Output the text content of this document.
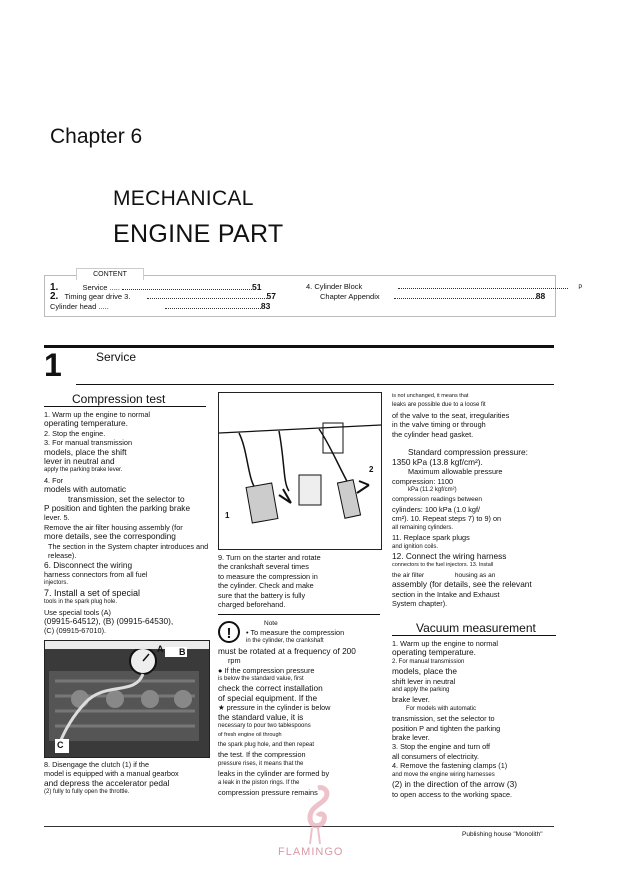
Chapter 6
MECHANICAL
ENGINE PART
CONTENT
1.	Service .....	51
2. Timing gear drive 3.	57
Cylinder head .....	83
4. Cylinder Block	P
Chapter Appendix	88
1	Service
Compression test

1. Warm up the engine to normal

operating temperature.

2. Stop the engine.

3. For manual transmission

models, place the shift

lever in neutral and

apply the parking brake lever.

4. For

models with automatic

transmission, set the selector to

P position and tighten the parking brake

lever. 5.

Remove the air filter housing assembly (for

more details, see the corresponding

The section in the System chapter introduces and

release).

6. Disconnect the wiring

harness connectors from all fuel

injectors.

7. Install a set of special

tools in the spark plug hole.

Use special tools (A)

(09915-64512), (B) (09915-64530),

(C) (09915-67010).

A B
C

8. Disengage the clutch (1) if the

model is equipped with a manual gearbox

and depress the accelerator pedal

(2) fully to fully open the throttle.

1
2

9. Turn on the starter and rotate

the crankshaft several times

to measure the compression in

the cylinder. Check and make

sure that the battery is fully

charged beforehand.

!
Note

• To measure the compression

in the cylinder, the crankshaft

must be rotated at a frequency of 200

rpm

● If the compression pressure

is below the standard value, first

check the correct installation

of special equipment. If the

★ pressure in the cylinder is below

the standard value, it is

necessary to pour two tablespoons

of fresh engine oil through

the spark plug hole, and then repeat

the test. If the compression

pressure rises, it means that the

leaks in the cylinder are formed by

a leak in the piston rings. If the

compression pressure remains

is not unchanged, it means that

leaks are possible due to a loose fit

of the valve to the seat, irregularities

in the valve timing or through

the cylinder head gasket.

Standard compression pressure:

1350 kPa (13.8 kgf/cm²).

Maximum allowable pressure

compression: 1100

kPa (11.2 kgf/cm²)

compression readings between

cylinders: 100 kPa (1.0 kgf/

cm²). 10. Repeat steps 7) to 9) on

all remaining cylinders.

11. Replace spark plugs

and ignition coils.

12. Connect the wiring harness

connectors to the fuel injectors. 13. Install

the air filter                 housing as an

assembly (for details, see the relevant

section in the Intake and Exhaust

System chapter).

Vacuum measurement

1. Warm up the engine to normal

operating temperature.

2. For manual transmission

models, place the

shift lever in neutral

and apply the parking

brake lever.

For models with automatic

transmission, set the selector to

position P and tighten the parking

brake lever.

3. Stop the engine and turn off

all consumers of electricity.

4. Remove the fastening clamps (1)

and move the engine wiring harnesses

(2) in the direction of the arrow (3)

to open access to the working space.

Publishing house "Monolith"
FLAMINGO
